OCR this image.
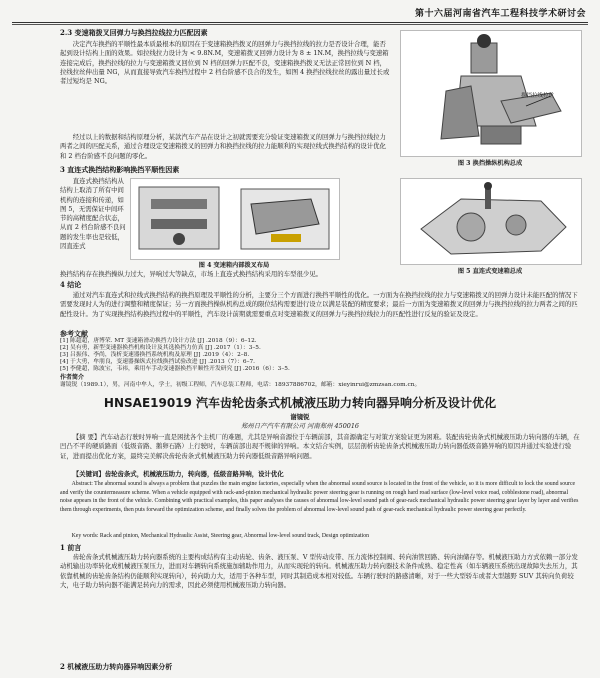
第十六届河南省汽车工程科技学术研讨会

2.3 变速箱拨叉回弹力与换挡拉线拉力匹配因素

决定汽车换挡的平顺性最本质最根本的原因在于变速箱换挡拨叉的回弹力与换挡拉线的拉力是否设计合理，能否起到设计结构上面的效果。如拉线拉力设计为 < 9.8N.M，变速箱拨叉回弹力设计为 8 ± 1N.M，换挡拉线与变速箱连接完成后，换挡拉线的拉力与变速箱拨叉回位到 N 档的回弹力匹配不良，变速箱换挡拨叉无法正常回位到 N 档，拉线拉丝伸出量 NG，从而直接导致汽车换挡过程中 2 档台阶感不良合的发生，如图 4 换挡拉线拉丝的露出量过长或者过短均是 NG。

经过以上的数据和结构原理分析，某款汽车产品在设计之初就需要充分验证变速箱拨叉的回弹力与换挡拉线拉力两者之间的匹配关系，通过合理设定变速箱拨叉的回弹力和换挡拉线的拉力能顺利的实现拉线式换挡结构的设计优化和 2 档台阶感不良问题的零化。

换挡拉线拉丝
图 3 换挡操纵机构总成

3 直连式换挡结构影响换挡平顺性因素

直连式换挡结构从结构上取消了所有中间机构的连接和传递，如图 5，无需保证中间环节的高精度配合状态，从而 2 档台阶感不良问题的发生率也是较低，因直连式

图 4 变速箱内部拨叉布局
图 5 直连式变速箱总成

换挡结构存在换挡操纵力过大，异响过大等缺点，市场上直连式换挡结构采用的车型很少见。

4 结论

通过对汽车直连式和拉线式换挡结构的换挡原理及平顺性的分析，主要分三个方面进行换挡平顺性的优化。一方面为在换挡拉线的拉力与变速箱拨叉的回弹力设计未能匹配的情况下需要发现时人为的进行调整和精度保证；另一方面换挡操纵机构总成的限位结构需要进行设立以满足装配的精度要求；最后一方面为变速箱拨叉的回弹力与换挡拉线的拉力两者之间的匹配性设计。为了实现换挡结构换挡过程中的平顺性，汽车设计前期就需要重点对变速箱拨叉的回弹力与换挡拉线拉力的匹配性进行反复的验证及设定。

参考文献

[1] 陈超超，唐博荣. MT 变速箱滑动换挡力设计方法 [J] .2018（9）：6–12.
[2] 吴有勇，新型变速器换挡机构设计及其选换挡力仿真 [J] .2017（1）：3–5.
[3] 吕振伟、李尚，浅析变速器换挡系统机构及原理 [J] .2019（4）：2–8.
[4] 于大勇，牟朋良，变速器操纵式拉线换挡试验改进 [J] .2013（7）：6–7.
[5] 李健超，陈波宝，韦祎，乘用车手动变速器换挡平顺性开发研究 [J] .2016（6）：3–5.

作者简介

谢镜锐（1989.1），男，河南中牟人，学士，初级工程师，汽车总装工程师，电话：18937886702，邮箱：xieyinrui@zmzsan.com.cn。

HNSAE19019 汽车齿轮齿条式机械液压助力转向器异响分析及设计优化

谢镜锐

郑州日产汽车有限公司 河南郑州 450016

【摘 要】汽车动态行驶时异响一直是困扰各个主机厂的难题，尤其是异响音源位于车辆前部，其音源确定与对策方案验证更为困难。装配齿轮齿条式机械液压助力转向器的车辆，在凹凸不平的硬质路面（低级音路、鹅卵石路）上行驶时，车辆前部出现不规律的异响。本文结合实例，层层剖析齿轮齿条式机械液压助力转向器低级音路异响的原因并通过实验进行验证，进而提出优化方案，最终完美解决齿轮齿条式机械液压助力转向器低级音路异响问题。

【关键词】齿轮齿条式，机械液压助力，转向器，低级音路异响，设计优化

Abstract: The abnormal sound is always a problem that puzzles the main engine factories, especially when the abnormal sound source is located in the front of the vehicle, so it is more difficult to lock the sound source and verify the countermeasure scheme. When a vehicle equipped with rack-and-pinion mechanical hydraulic power steering gear is running on rough hard road surface (low-level voice road, cobblestone road), abnormal noise appears in the front of the vehicle. Combining with practical examples, this paper analyses the causes of abnormal low-level sound path of gear-rack mechanical hydraulic power steering gear layer by layer and verifies them through experiments, then puts forward the optimization scheme, and finally solves the problem of abnormal low-level sound path of gear-rack mechanical hydraulic power steering gear perfectly.

Key words: Rack and pinion, Mechanical Hydraulic Assist, Steering gear, Abnormal low-level sound track, Design optimization

1 前言

齿轮齿条式机械液压助力转向器系统的主要构成结构有主动齿轮、齿条、液压泵、V 型传动皮带、压力流体控制阀、转向油管回路、转向油储存等。机械液压助力方式依赖一部分发动机输出功率转化成机械液压泵压力，进而对车辆转向系统施加辅助作用力，从而实现轮的转向。机械液压助力转向器技术条件成熟、稳定性高（如车辆液压系统出现故障失去压力，其依靠机械的齿轮齿条结构仍能顺利实现转向），转向助力大，适用于各种车型，同时其制造成本相对较低。车辆行驶时的路感清晰，对于一些大型轿车或者大型越野 SUV 其转向负荷较大，电子助力转向器不能满足转向力的需求，因此必须使用机械液压助力转向器。

2 机械液压助力转向器异响因素分析
